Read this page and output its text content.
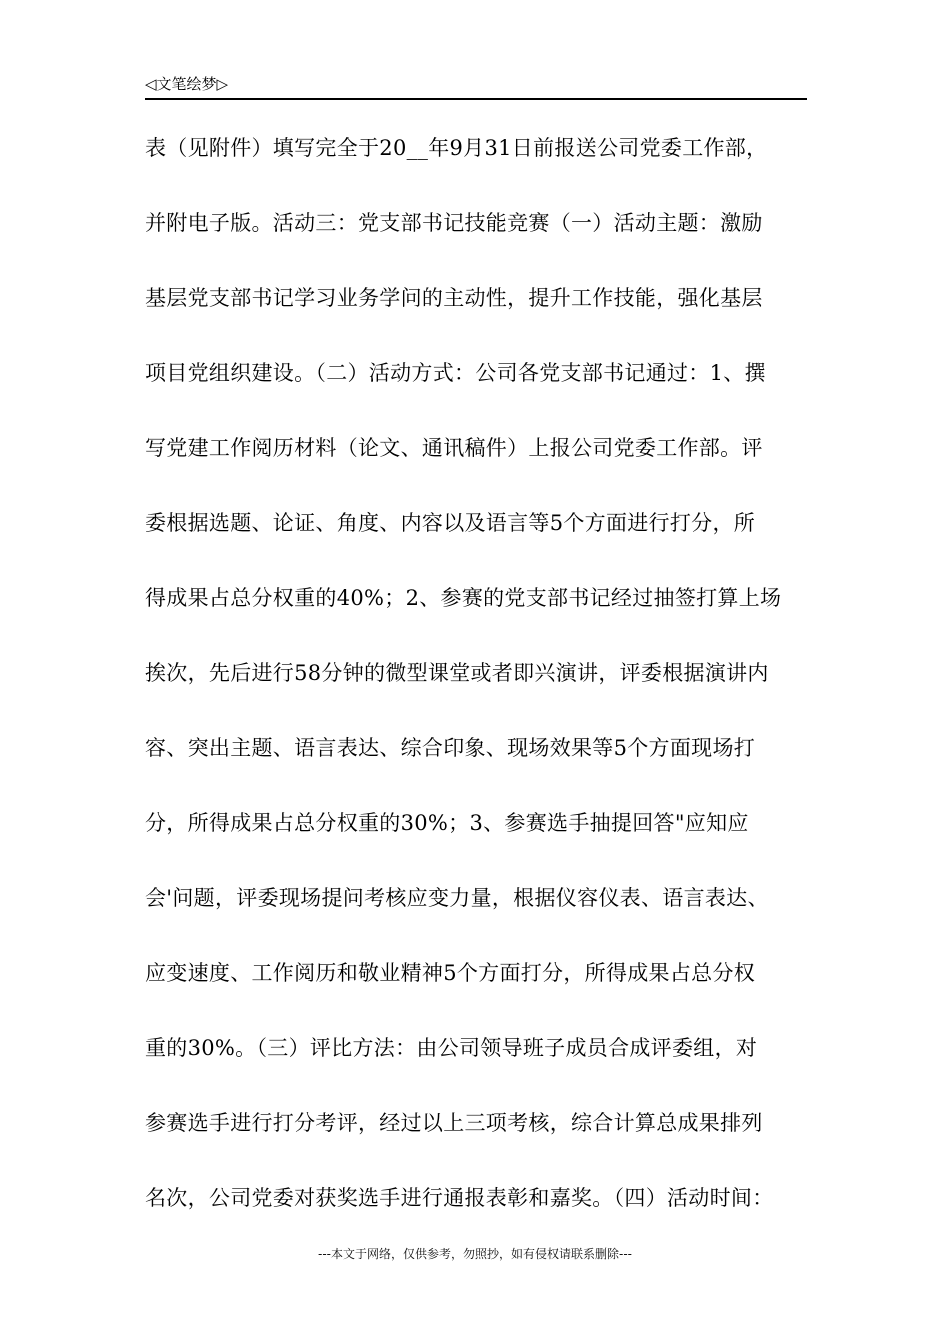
◁文笔绘梦▷
表（见附件）填写完全于20__年9月31日前报送公司党委工作部，
并附电子版。活动三：党支部书记技能竞赛（一）活动主题：激励
基层党支部书记学习业务学问的主动性，提升工作技能，强化基层
项目党组织建设。（二）活动方式：公司各党支部书记通过：1、撰
写党建工作阅历材料（论文、通讯稿件）上报公司党委工作部。评
委根据选题、论证、角度、内容以及语言等5个方面进行打分，所
得成果占总分权重的40%；2、参赛的党支部书记经过抽签打算上场
挨次，先后进行58分钟的微型课堂或者即兴演讲，评委根据演讲内
容、突出主题、语言表达、综合印象、现场效果等5个方面现场打
分，所得成果占总分权重的30%；3、参赛选手抽提回答"应知应
会'问题，评委现场提问考核应变力量，根据仪容仪表、语言表达、
应变速度、工作阅历和敬业精神5个方面打分，所得成果占总分权
重的30%。（三）评比方法：由公司领导班子成员合成评委组，对
参赛选手进行打分考评，经过以上三项考核，综合计算总成果排列
名次，公司党委对获奖选手进行通报表彰和嘉奖。（四）活动时间：
---本文于网络，仅供参考，勿照抄，如有侵权请联系删除---
